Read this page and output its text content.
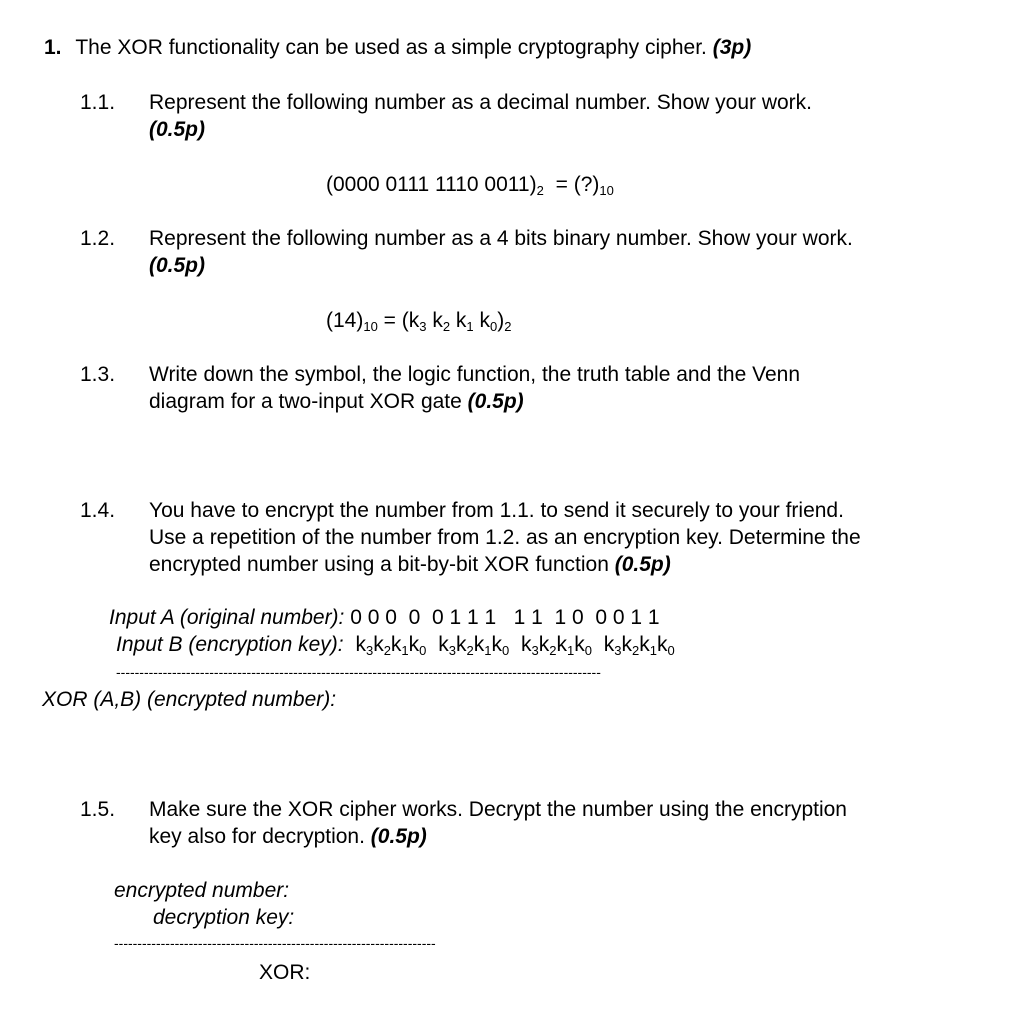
1. The XOR functionality can be used as a simple cryptography cipher. (3p)
1.1. Represent the following number as a decimal number. Show your work.
(0.5p)
(0000 0111 1110 $0011)_2$ = $(?)_{10}$
1.2. Represent the following number as a 4 bits binary number. Show your work.
(0.5p)
$(14)_{10} = (k_3$ $k_2$ $k_1$ $k_0)_2$
1.3. Write down the symbol, the logic function, the truth table and the Venn
diagram for a two-input XOR gate (0.5p)
1.4. You have to encrypt the number from 1.1. to send it securely to your friend.
Use a repetition of the number from 1.2. as an encryption key. Determine the
encrypted number using a bit-by-bit XOR function (0.5p)
Input A (original number): 0 0 0  0  0 1 1 1   1 1  1 0  0 0 1 1
Input B (encryption key): $k_3k_2k_1k_0$ $k_3k_2k_1k_0$ $k_3k_2k_1k_0$ $k_3k_2k_1k_0$
--------------------------------------------------------------------------------------------------------
XOR (A,B) (encrypted number):
1.5. Make sure the XOR cipher works. Decrypt the number using the encryption
key also for decryption. (0.5p)
encrypted number:
decryption key:
---------------------------------------------------------------------
XOR:
